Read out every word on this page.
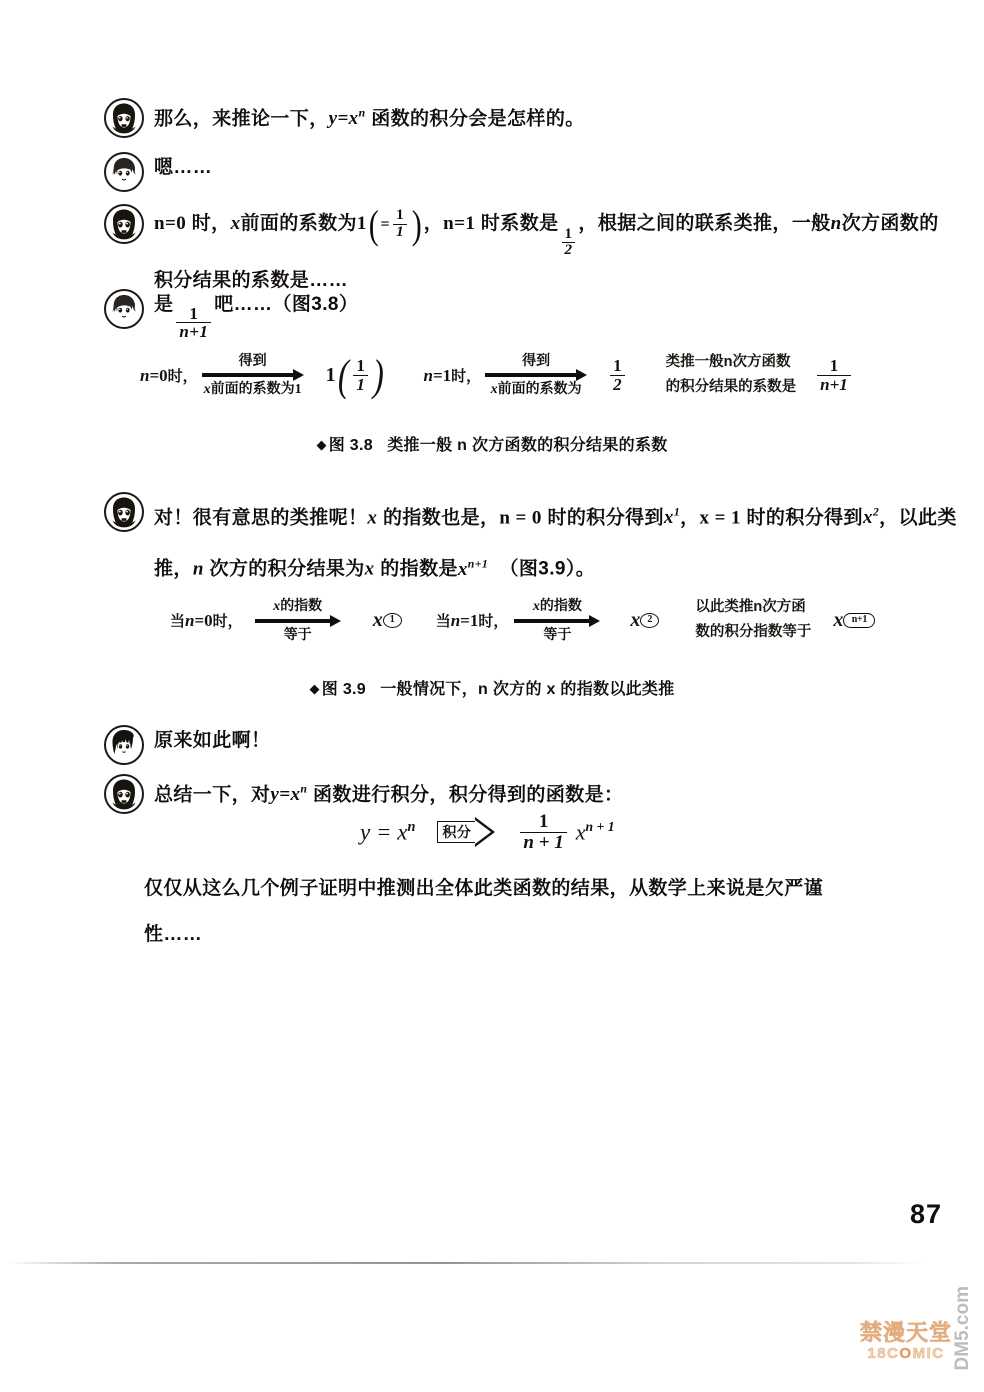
那么，来推论一下，$y=x^n$ 函数的积分会是怎样的。
嗯……
n=0 时，x前面的系数为1 ( = $\frac{1}{1}$ ) ，n=1 时系数是
$\frac{1}{2}$
，根据之间的联系类推，一般n次方函数的积分结果的系数是……
是
$\frac{1}{n+1}$
吧……（图3.8）
n=0时，
得到
x前面的系数为1
1 ( $\frac{1}{1}$ ) n=1时，
得到
x前面的系数为 $\frac{1}{2}$	类推一般n次方函数
的积分结果的系数是 $\frac{1}{n+1}$
◆ 图 3.8 类推一般 n 次方函数的积分结果的系数
对！很有意思的类推呢！x 的指数也是，n = 0 时的积分得到$x^1$，x = 1 时的积分得到$x^2$，以此类推，n 次方的积分结果为x 的指数是$x^{n+1}$ （图3.9）。
当n=0时，
x的指数
等于
x 1	当n=1时，
x的指数
等于
x 2
以此类推n次方函
数的积分指数等于
x n+1
◆ 图 3.9 一般情况下，n 次方的 x 的指数以此类推
原来如此啊！
总结一下，对$y=x^n$ 函数进行积分，积分得到的函数是：
$y = x^n$ 积分	$\frac{1}{n + 1} x^{n + 1}$
仅仅从这么几个例子证明中推测出全体此类函数的结果，从数学上来说是欠严谨
性……
87
DM5.com
禁漫天堂
18COMIC
